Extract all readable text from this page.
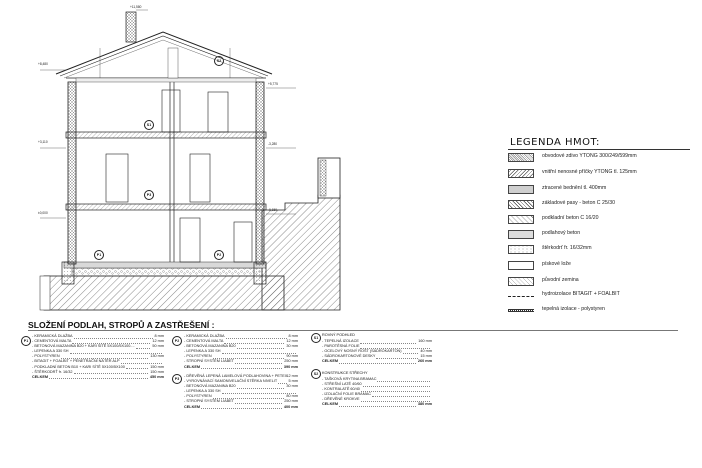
+11,580
+8,480
+5,775
+3,110
±0,000
-0,150
-3,280
S1
P3
P2
P1
S2
LEGENDA HMOT:
obvodové zdivo YTONG 300/249/599mm
vnitřní nenosné příčky YTONG tl. 125mm
ztracené bednění tl. 400mm
základové pasy - beton C 25/30
podkladní beton C 16/20
podlahový beton
štěrkodrť fr. 16/32mm
pískové lože
původní zemina
hydroizolace BITAGIT + FOALBIT
tepelná izolace - polystyren
SLOŽENÍ PODLAH, STROPŮ A ZASTŘEŠENÍ :
P1
- KERAMICKÁ DLAŽBA	8 mm
- CEMENTOVÁ MALTA	12 mm
- BETONOVÁ MAZANINA B20 + KARI SÍTĚ 5X100/5X100....	50 mm
- LEPENKA A 330 SH
- POLYSTYREN	130 mm
- BITAGIT + FOALBIT + PENETRAČNÍ NÁTĚR ALP
- PODKLADNÍ BETON B10 + KARI SÍTĚ 5X100/5X100	150 mm
- ŠTĚRKODRŤ fr. 16/32	150 mm
CELKEM	450 mm
P2
- KERAMICKÁ DLAŽBA	8 mm
- CEMENTOVÁ MALTA	12 mm
- BETONOVÁ MAZANINA B20	30 mm
- LEPENKA A 330 SH
- POLYSTYREN	90 mm
- STROPNÍ SYSTÉM LIABET	250 mm
CELKEM	390 mm
P3
- DŘEVĚNÁ LEPENÁ LAMELOVÁ PODLAHOVINA + PETEX 12 mm
- VYROVNÁVACÍ SAMONIVELAČNÍ STĚRKA NIVELIT	5 mm
- BETONOVÁ MAZANINA B20	30 mm
- LEPENKA A 330 SH
- POLYSTYREN	80 mm
- STROPNÍ SYSTÉM LIABET	250 mm
CELKEM	400 mm
S1
ROVNÝ PODHLED
- TEPELNÁ IZOLACE	160 mm
- PAROTĚSNÁ FOLIE
- OCELOVÝ NOSNÝ ROŠT (SÁDROKARTON)	40 mm
- SÁDROKARTONOVÉ DESKY	15 mm
CELKEM	260 mm
S2 KONSTRUKCE STŘECHY
- TAŠKOVÁ KRYTINA BRAMAC
- STŘEŠNÍ LATĚ 40/60
- KONTRALATĚ 60/40
- IZOLAČNÍ FOLIE BRAMAC
- DŘEVĚNÉ KROKVE
CELKEM	380 mm
